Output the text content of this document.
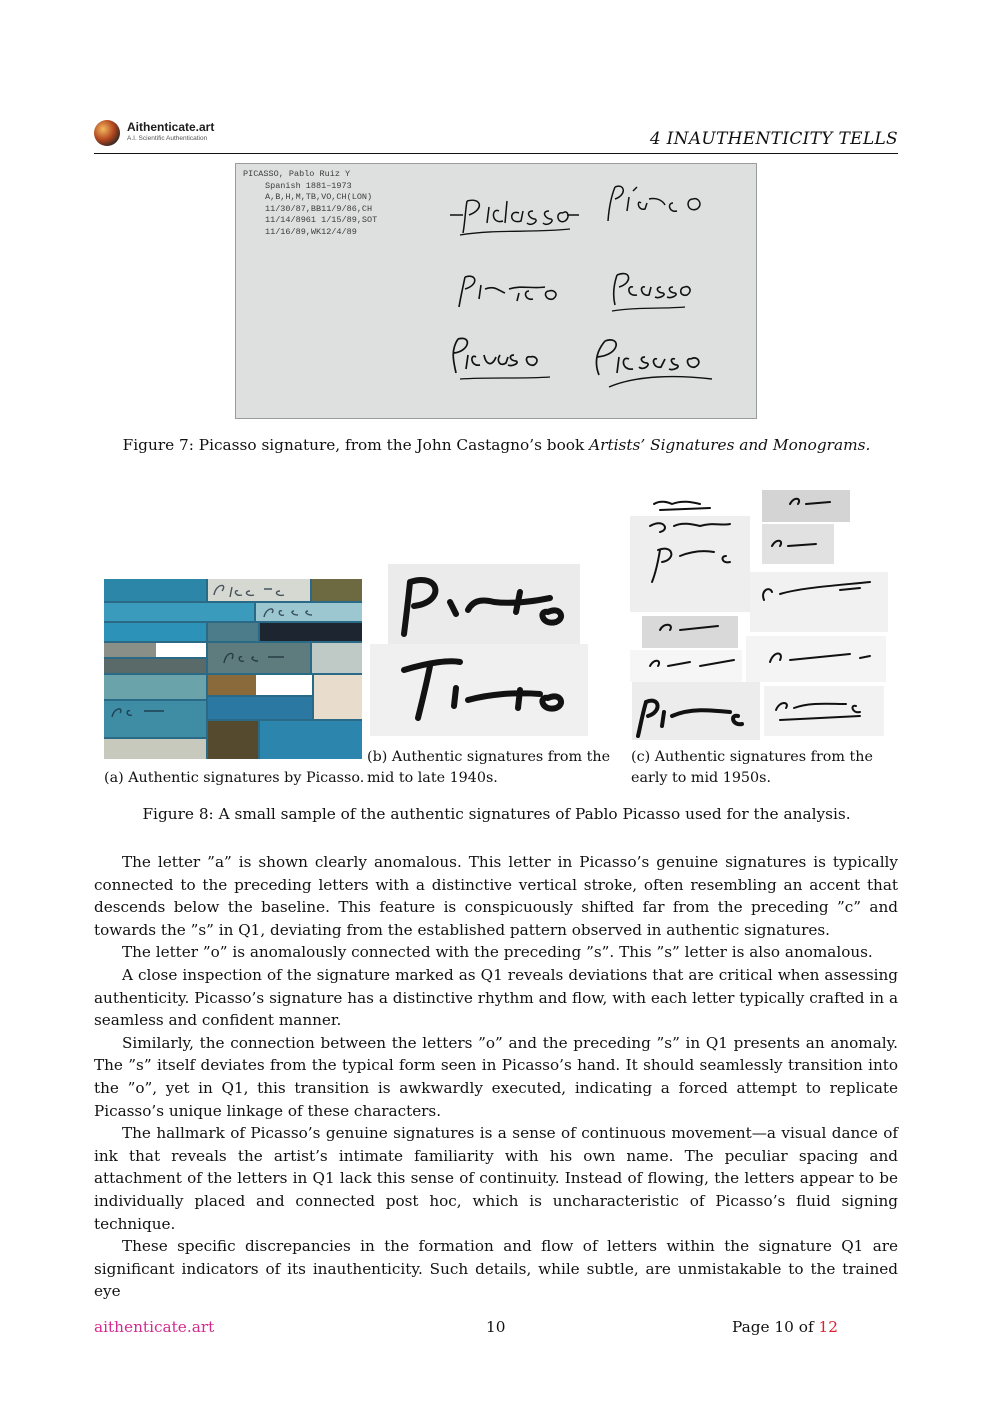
Aithenticate.art
A.I. Scientific Authentication	4 INAUTHENTICITY TELLS
PICASSO, Pablo Ruiz Y
Spanish 1881–1973
A,B,H,M,TB,VO,CH(LON)
11/30/87,BB11/9/86,CH
11/14/8961 1/15/89,SOT
11/16/89,WK12/4/89
Figure 7: Picasso signature, from the John Castagno’s book Artists’ Signatures and Monograms.
(a) Authentic signatures by Picasso.
(b) Authentic signatures from the
mid to late 1940s.
(c) Authentic signatures from the
early to mid 1950s.
Figure 8: A small sample of the authentic signatures of Pablo Picasso used for the analysis.

The letter ”a” is shown clearly anomalous. This letter in Picasso’s genuine signatures is typically connected to the preceding letters with a distinctive vertical stroke, often resembling an accent that descends below the baseline. This feature is conspicuously shifted far from the preceding ”c” and towards the ”s” in Q1, deviating from the established pattern observed in authentic signatures.

The letter ”o” is anomalously connected with the preceding ”s”. This ”s” letter is also anomalous.

A close inspection of the signature marked as Q1 reveals deviations that are critical when assessing authenticity. Picasso’s signature has a distinctive rhythm and flow, with each letter typically crafted in a seamless and confident manner.

Similarly, the connection between the letters ”o” and the preceding ”s” in Q1 presents an anomaly. The ”s” itself deviates from the typical form seen in Picasso’s hand. It should seamlessly transition into the ”o”, yet in Q1, this transition is awkwardly executed, indicating a forced attempt to replicate Picasso’s unique linkage of these characters.

The hallmark of Picasso’s genuine signatures is a sense of continuous movement—a visual dance of ink that reveals the artist’s intimate familiarity with his own name. The peculiar spacing and attachment of the letters in Q1 lack this sense of continuity. Instead of flowing, the letters appear to be individually placed and connected post hoc, which is uncharacteristic of Picasso’s fluid signing technique.

These specific discrepancies in the formation and flow of letters within the signature Q1 are significant indicators of its inauthenticity. Such details, while subtle, are unmistakable to the trained eye

aithenticate.art	10	Page 10 of 12
